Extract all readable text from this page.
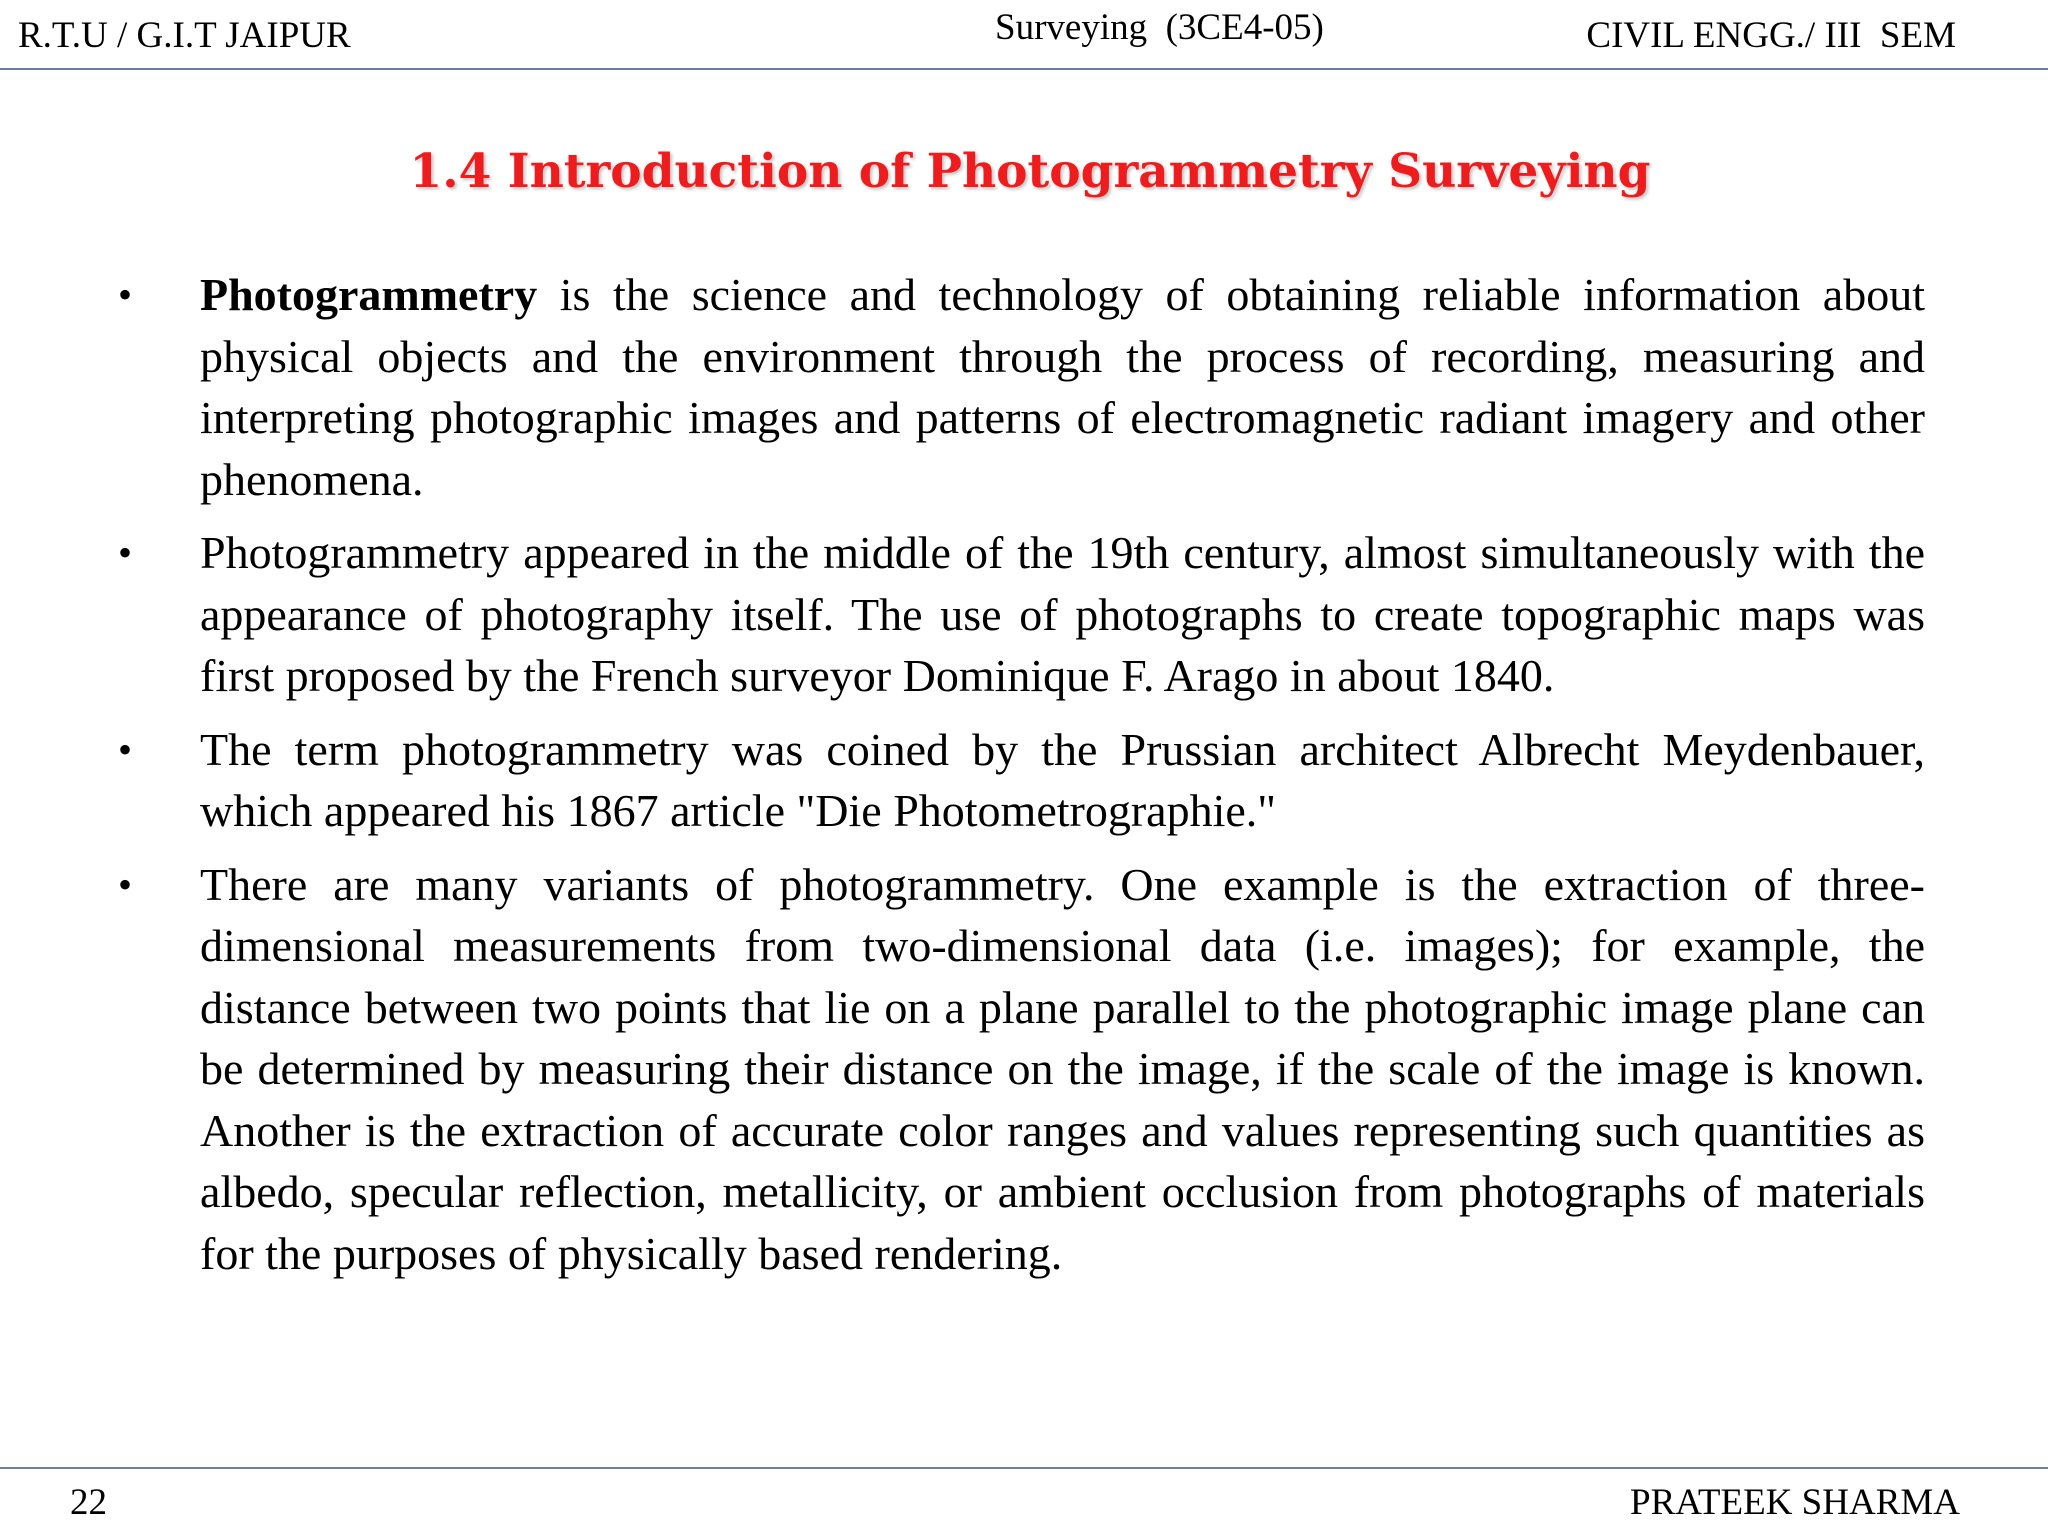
R.T.U / G.I.T JAIPUR	Surveying  (3CE4-05)	CIVIL ENGG./ III  SEM
1.4 Introduction of Photogrammetry Surveying
• Photogrammetry is the science and technology of obtaining reliable information about physical objects and the environment through the process of recording, measuring and interpreting photographic images and patterns of electromagnetic radiant imagery and other phenomena.
• Photogrammetry appeared in the middle of the 19th century, almost simultaneously with the appearance of photography itself. The use of photographs to create topographic maps was first proposed by the French surveyor Dominique F. Arago in about 1840.
• The term photogrammetry was coined by the Prussian architect Albrecht Meydenbauer, which appeared his 1867 article "Die Photometrographie."
• There are many variants of photogrammetry. One example is the extraction of three-dimensional measurements from two-dimensional data (i.e. images); for example, the distance between two points that lie on a plane parallel to the photographic image plane can be determined by measuring their distance on the image, if the scale of the image is known. Another is the extraction of accurate color ranges and values representing such quantities as albedo, specular reflection, metallicity, or ambient occlusion from photographs of materials for the purposes of physically based rendering.
22	PRATEEK SHARMA
